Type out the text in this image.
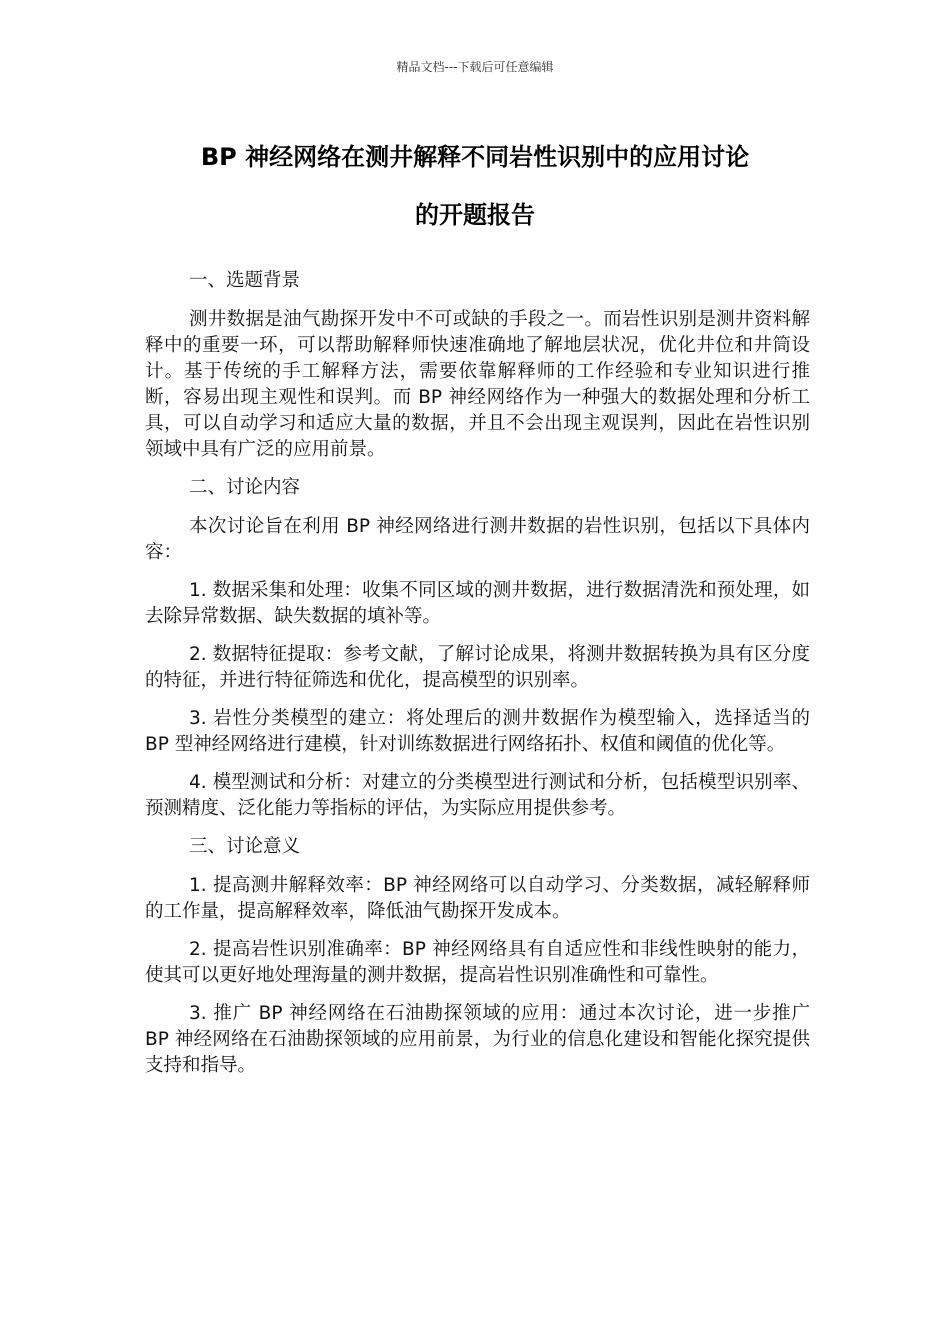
精品文档---下载后可任意编辑
BP 神经网络在测井解释不同岩性识别中的应用讨论
的开题报告

一、选题背景

测井数据是油气勘探开发中不可或缺的手段之一。而岩性识别是测井资料解释中的重要一环，可以帮助解释师快速准确地了解地层状况，优化井位和井筒设计。基于传统的手工解释方法，需要依靠解释师的工作经验和专业知识进行推断，容易出现主观性和误判。而 BP 神经网络作为一种强大的数据处理和分析工具，可以自动学习和适应大量的数据，并且不会出现主观误判，因此在岩性识别领域中具有广泛的应用前景。

二、讨论内容

本次讨论旨在利用 BP 神经网络进行测井数据的岩性识别，包括以下具体内容：

1. 数据采集和处理：收集不同区域的测井数据，进行数据清洗和预处理，如去除异常数据、缺失数据的填补等。

2. 数据特征提取：参考文献，了解讨论成果，将测井数据转换为具有区分度的特征，并进行特征筛选和优化，提高模型的识别率。

3. 岩性分类模型的建立：将处理后的测井数据作为模型输入，选择适当的 BP 型神经网络进行建模，针对训练数据进行网络拓扑、权值和阈值的优化等。

4. 模型测试和分析：对建立的分类模型进行测试和分析，包括模型识别率、预测精度、泛化能力等指标的评估，为实际应用提供参考。

三、讨论意义

1. 提高测井解释效率：BP 神经网络可以自动学习、分类数据，减轻解释师的工作量，提高解释效率，降低油气勘探开发成本。

2. 提高岩性识别准确率：BP 神经网络具有自适应性和非线性映射的能力，使其可以更好地处理海量的测井数据，提高岩性识别准确性和可靠性。

3. 推广 BP 神经网络在石油勘探领域的应用：通过本次讨论，进一步推广 BP 神经网络在石油勘探领域的应用前景，为行业的信息化建设和智能化探究提供支持和指导。
